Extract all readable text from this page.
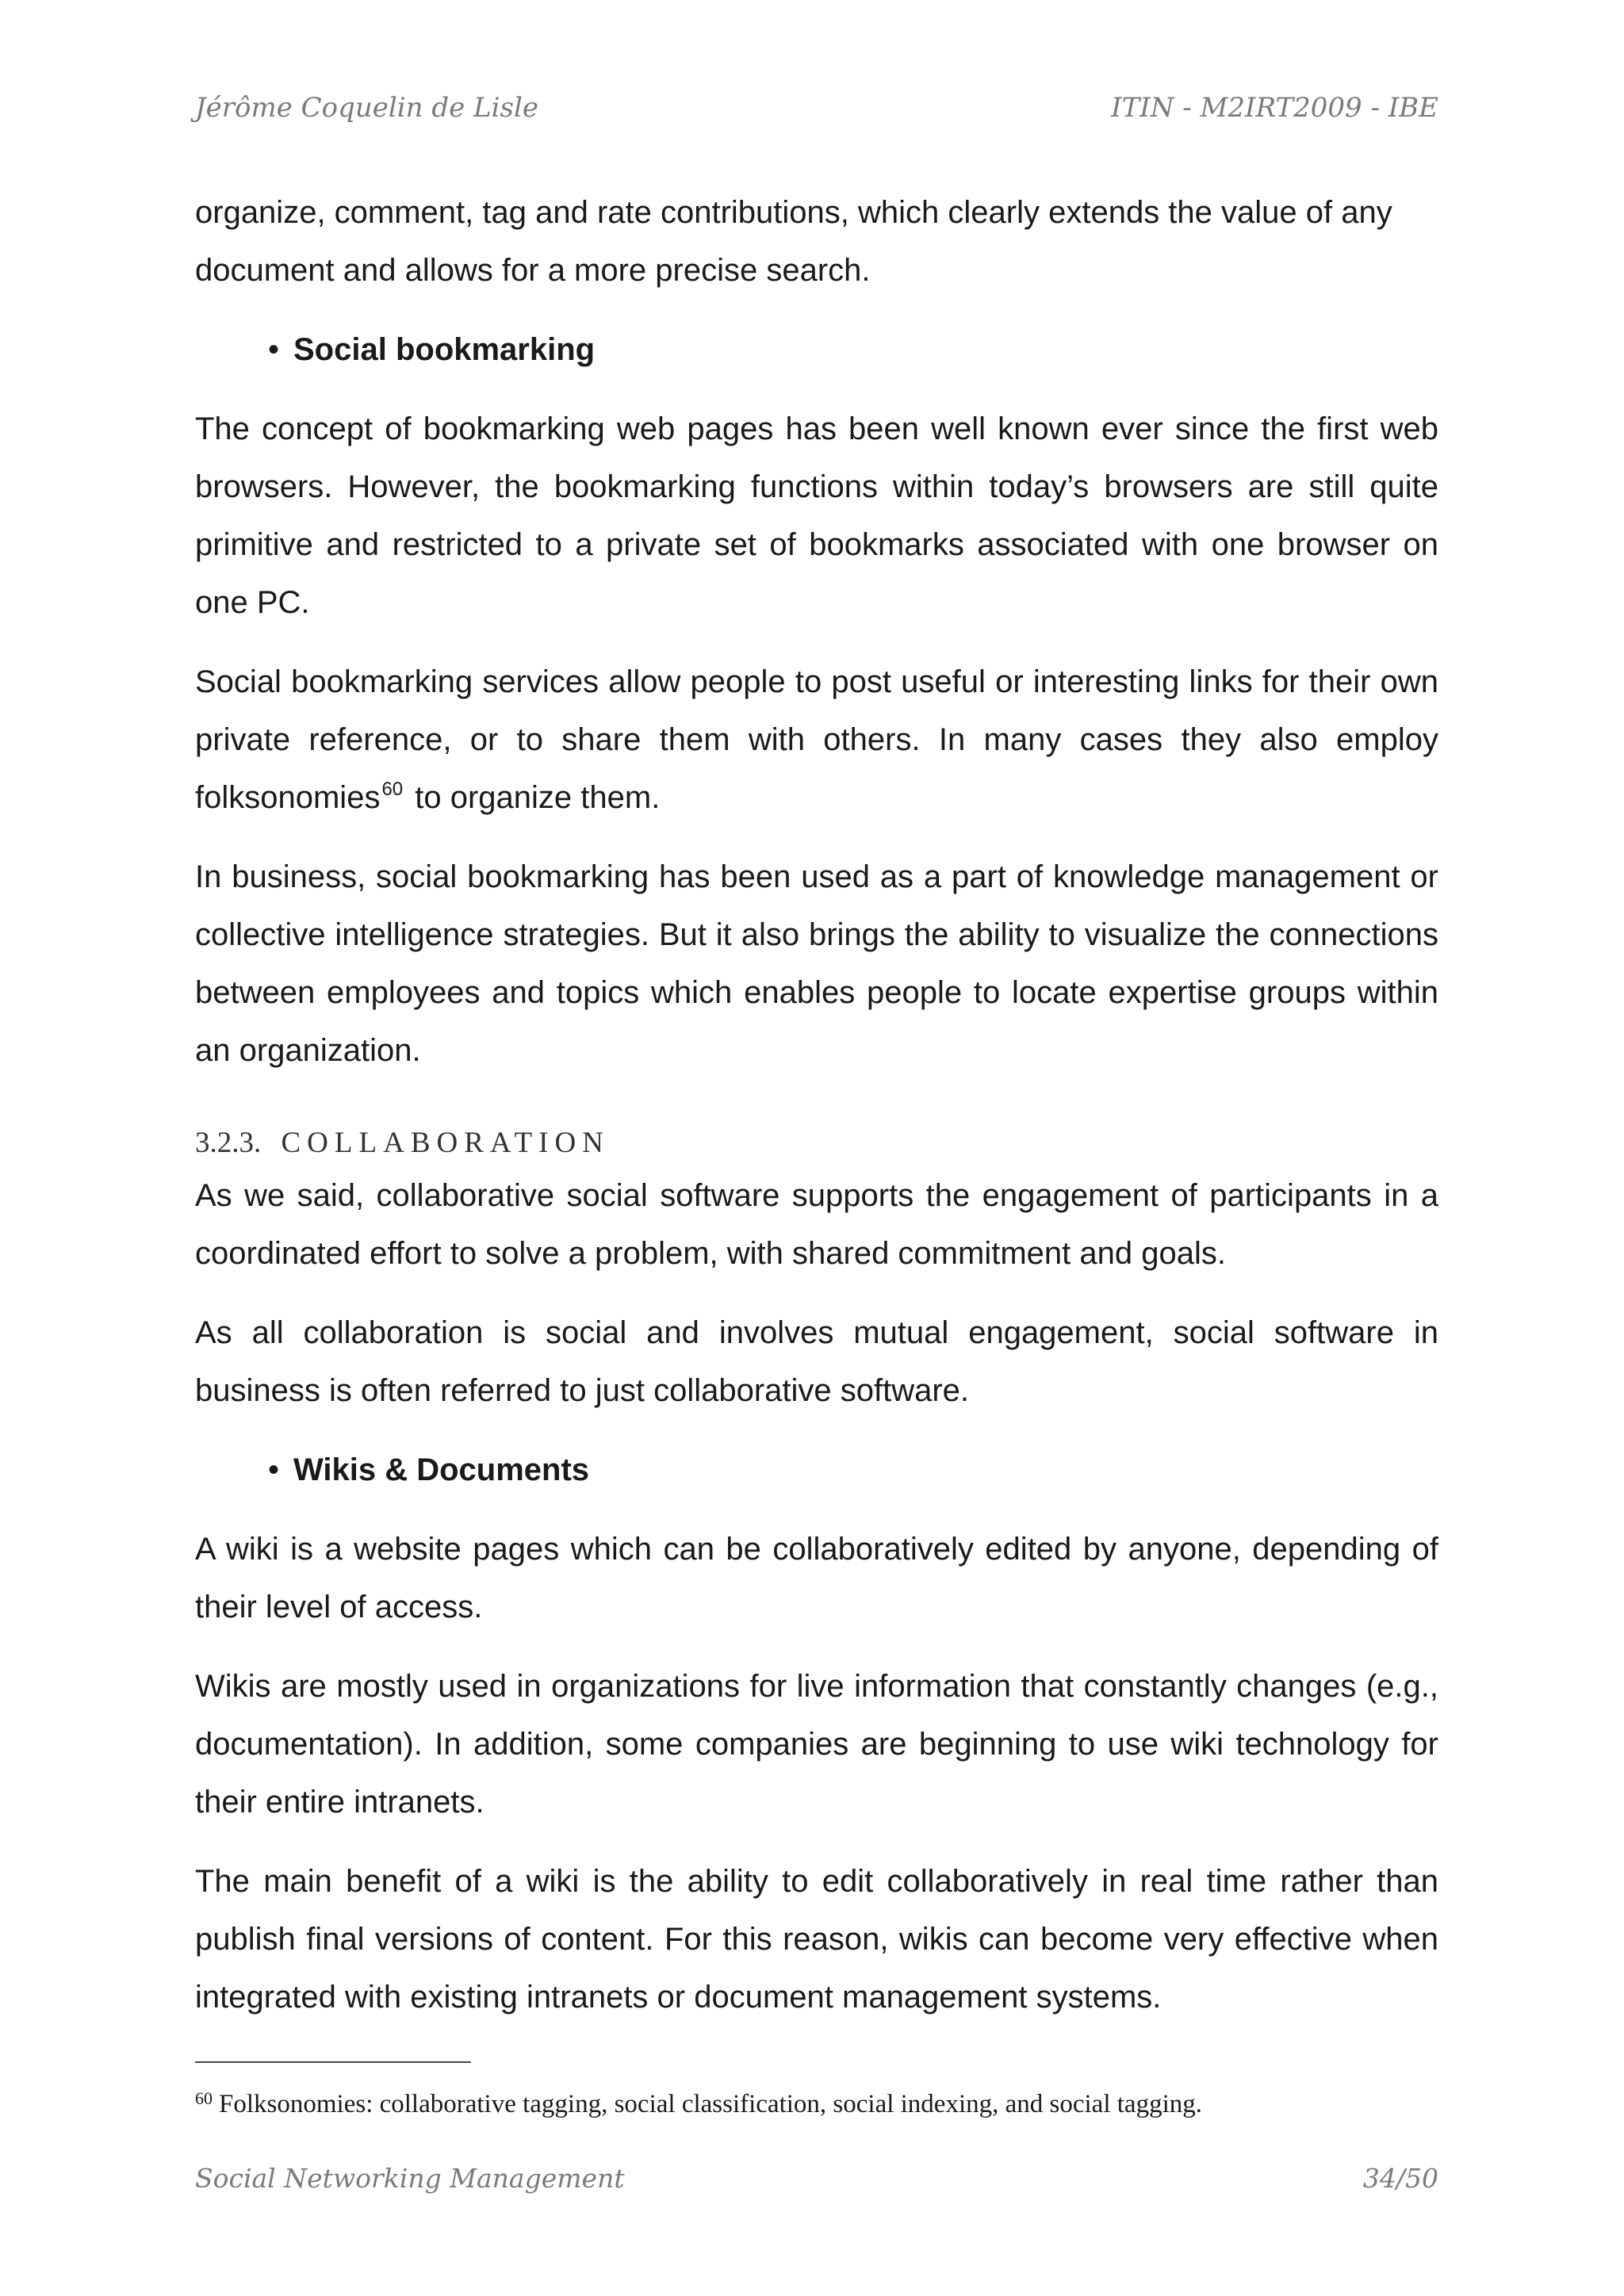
Jérôme Coquelin de Lisle	ITIN - M2IRT2009 - IBE

organize, comment, tag and rate contributions, which clearly extends the value of any document and allows for a more precise search.

• Social bookmarking

The concept of bookmarking web pages has been well known ever since the first web browsers. However, the bookmarking functions within today’s browsers are still quite primitive and restricted to a private set of bookmarks associated with one browser on one PC.

Social bookmarking services allow people to post useful or interesting links for their own private reference, or to share them with others. In many cases they also employ folksonomies$^{60}$ to organize them.

In business, social bookmarking has been used as a part of knowledge management or collective intelligence strategies. But it also brings the ability to visualize the connections between employees and topics which enables people to locate expertise groups within an organization.

3.2.3. COLLABORATION

As we said, collaborative social software supports the engagement of participants in a coordinated effort to solve a problem, with shared commitment and goals.

As all collaboration is social and involves mutual engagement, social software in business is often referred to just collaborative software.

• Wikis & Documents

A wiki is a website pages which can be collaboratively edited by anyone, depending of their level of access.

Wikis are mostly used in organizations for live information that constantly changes (e.g., documentation). In addition, some companies are beginning to use wiki technology for their entire intranets.

The main benefit of a wiki is the ability to edit collaboratively in real time rather than publish final versions of content. For this reason, wikis can become very effective when integrated with existing intranets or document management systems.

$^{60}$ Folksonomies: collaborative tagging, social classification, social indexing, and social tagging.
Social Networking Management	34/50
